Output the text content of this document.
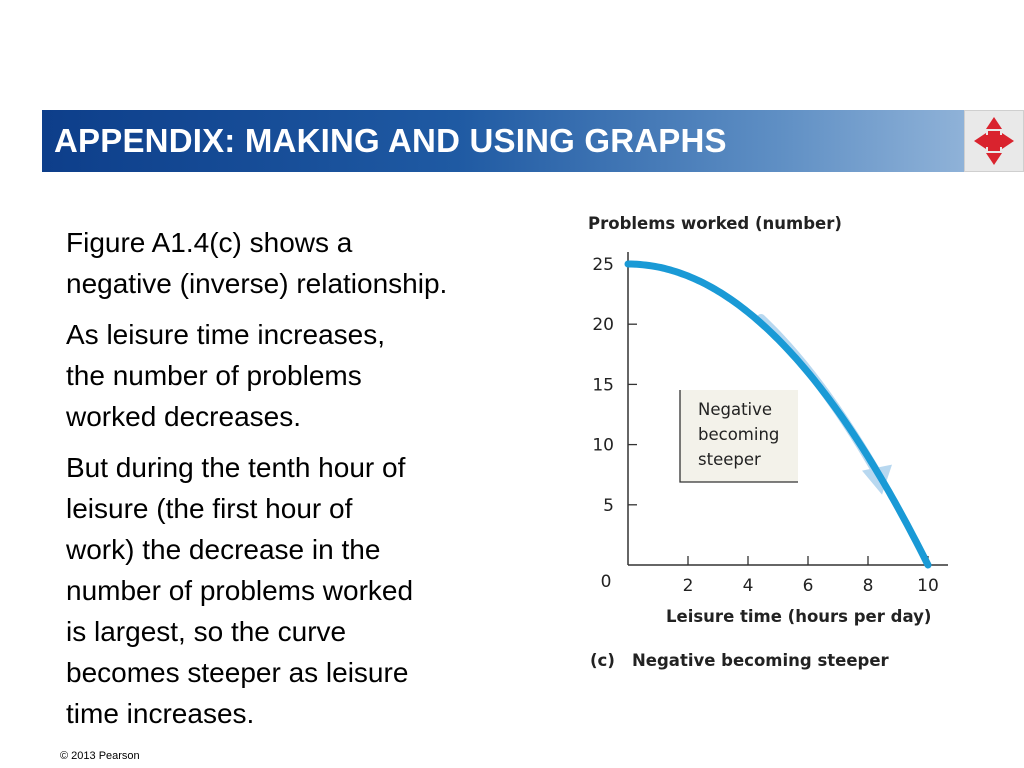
APPENDIX: MAKING AND USING GRAPHS

Figure A1.4(c) shows a
negative (inverse) relationship.

As leisure time increases,
the number of problems
worked decreases.

But during the tenth hour of
leisure (the first hour of
work) the decrease in the
number of problems worked
is largest, so the curve
becomes steeper as leisure
time increases.

5
10
15
20
25
2	4	6	8	10
0
Problems worked (number)
Leisure time (hours per day)
(c) Negative becoming steeper
Negative
becoming
steeper
© 2013 Pearson
